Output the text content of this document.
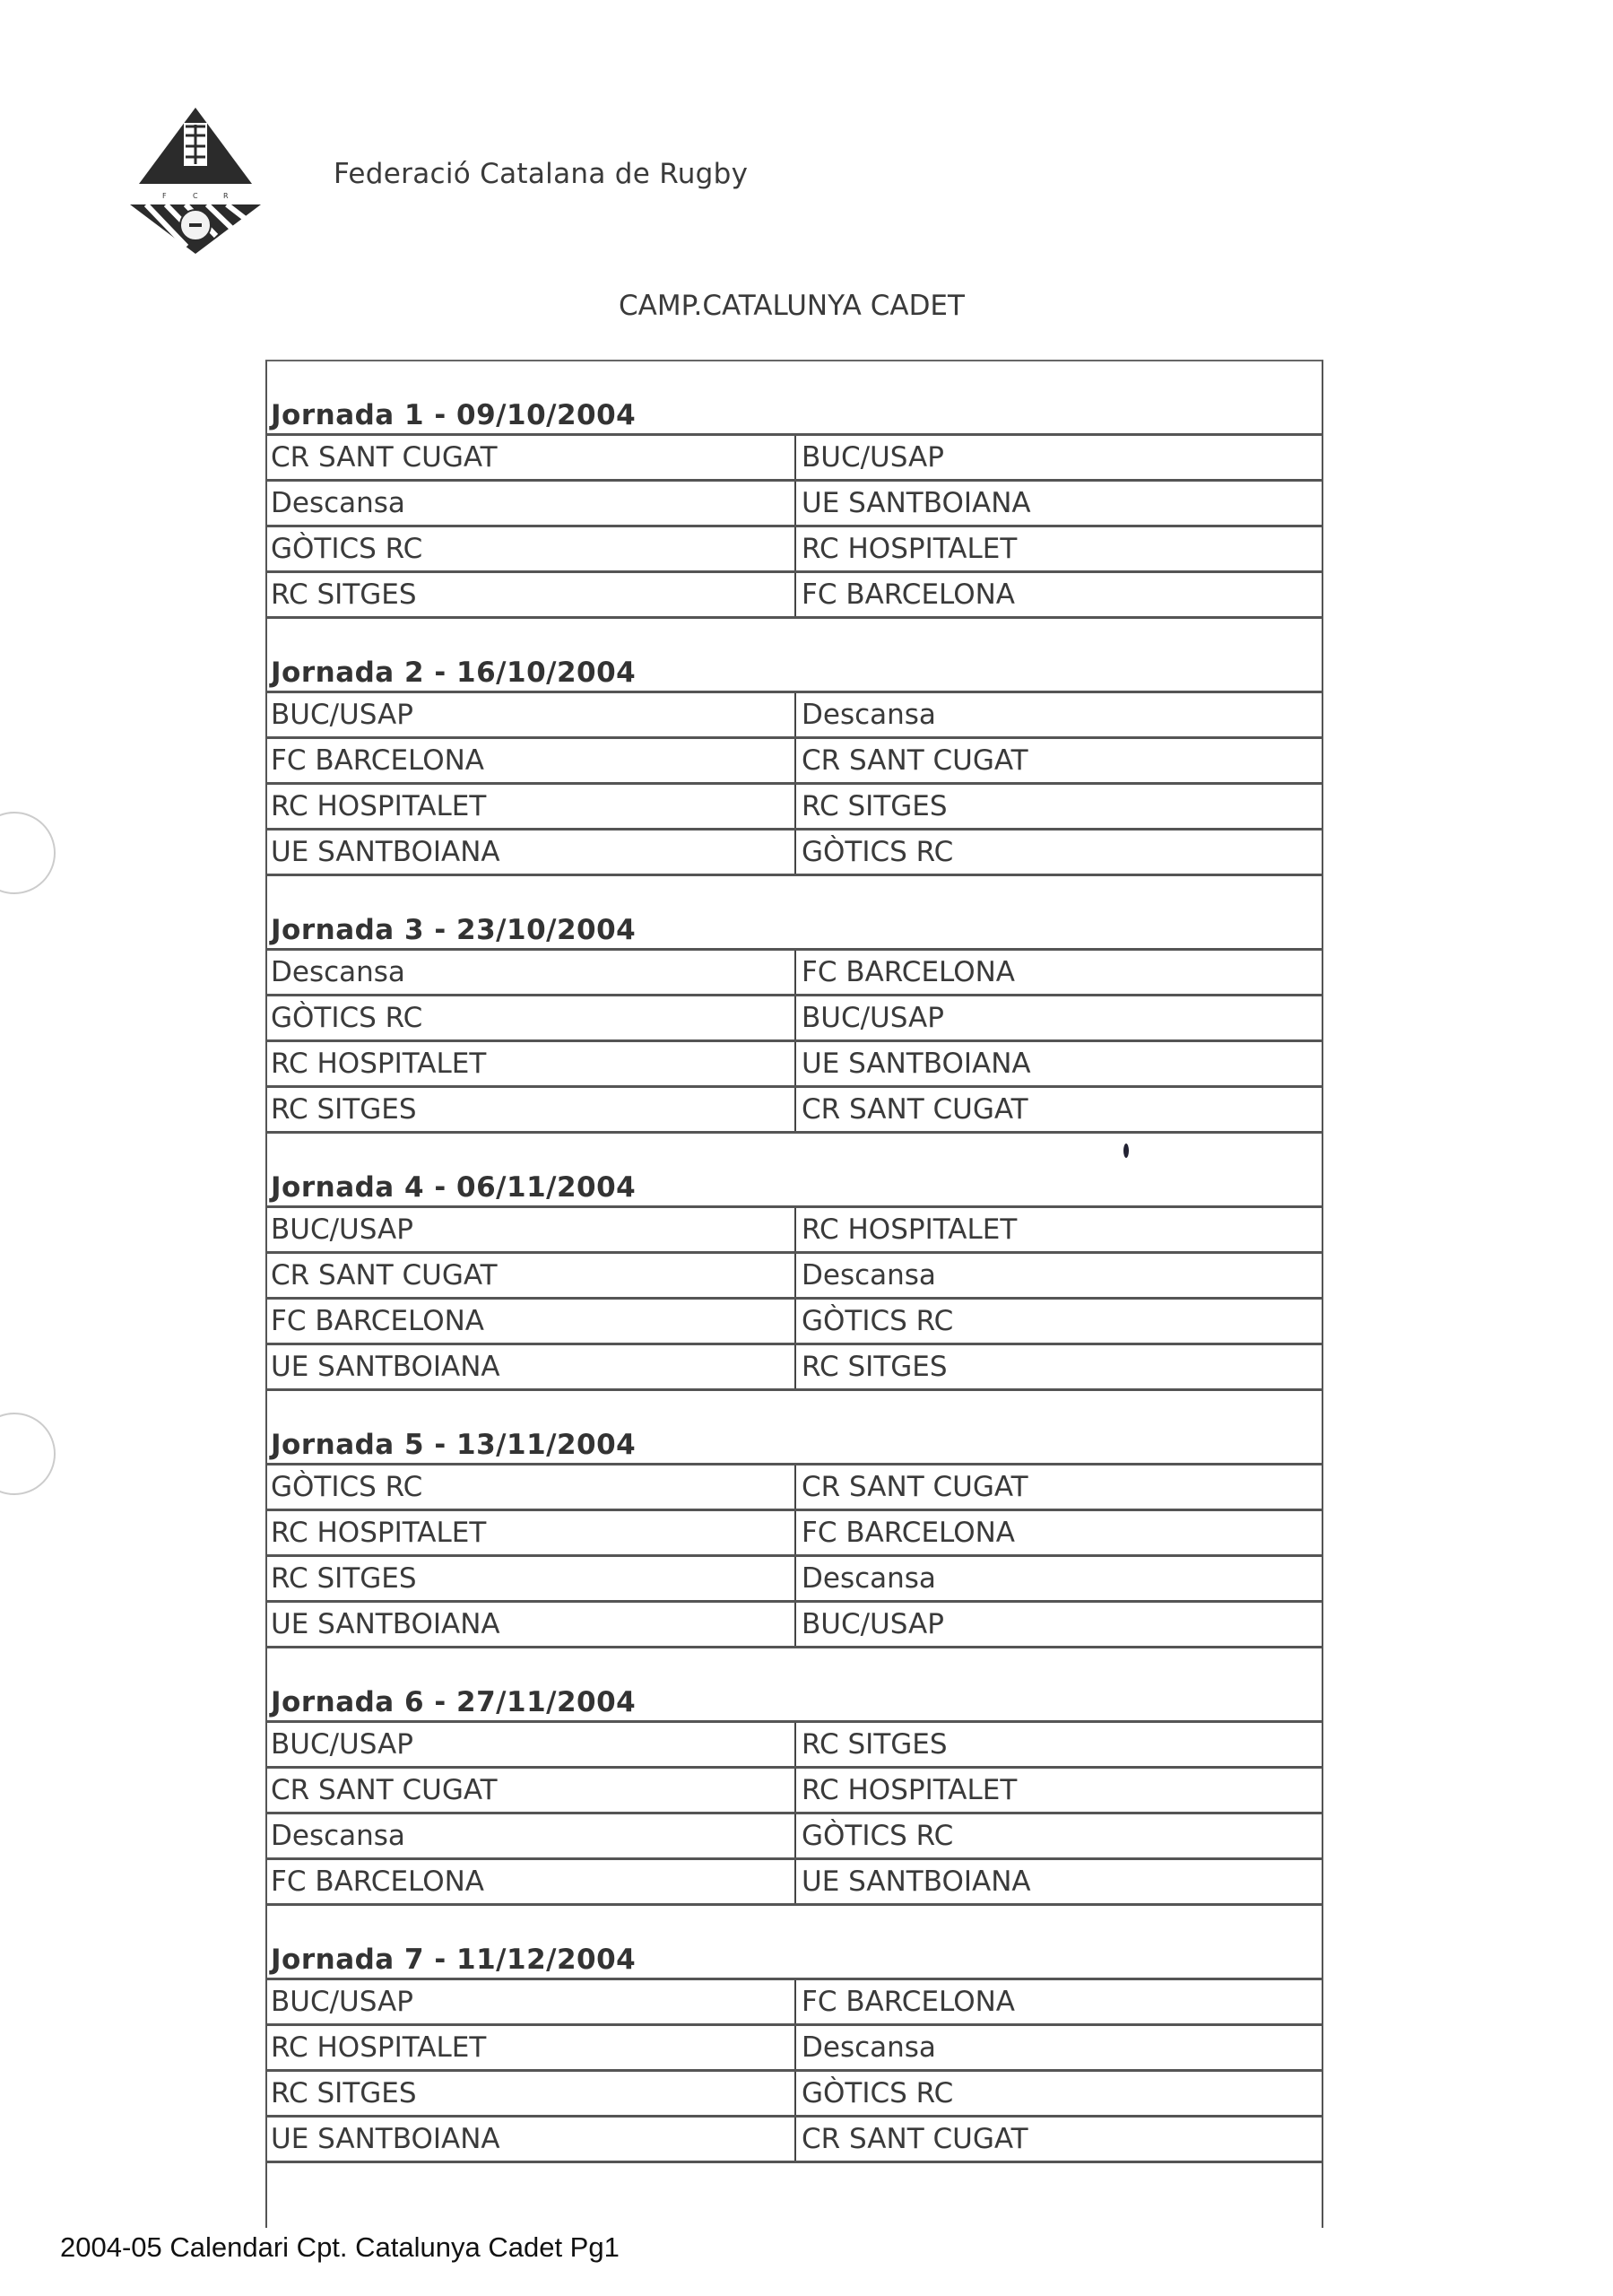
F	C	R
Federació Catalana de Rugby
CAMP.CATALUNYA CADET
Jornada 1 - 09/10/2004
CR SANT CUGAT	BUC/USAP
Descansa	UE SANTBOIANA
GÒTICS RC	RC HOSPITALET
RC SITGES	FC BARCELONA
Jornada 2 - 16/10/2004
BUC/USAP	Descansa
FC BARCELONA	CR SANT CUGAT
RC HOSPITALET	RC SITGES
UE SANTBOIANA	GÒTICS RC
Jornada 3 - 23/10/2004
Descansa	FC BARCELONA
GÒTICS RC	BUC/USAP
RC HOSPITALET	UE SANTBOIANA
RC SITGES	CR SANT CUGAT
Jornada 4 - 06/11/2004
BUC/USAP	RC HOSPITALET
CR SANT CUGAT	Descansa
FC BARCELONA	GÒTICS RC
UE SANTBOIANA	RC SITGES
Jornada 5 - 13/11/2004
GÒTICS RC	CR SANT CUGAT
RC HOSPITALET	FC BARCELONA
RC SITGES	Descansa
UE SANTBOIANA	BUC/USAP
Jornada 6 - 27/11/2004
BUC/USAP	RC SITGES
CR SANT CUGAT	RC HOSPITALET
Descansa	GÒTICS RC
FC BARCELONA	UE SANTBOIANA
Jornada 7 - 11/12/2004
BUC/USAP	FC BARCELONA
RC HOSPITALET	Descansa
RC SITGES	GÒTICS RC
UE SANTBOIANA	CR SANT CUGAT
2004-05 Calendari Cpt. Catalunya Cadet Pg1
